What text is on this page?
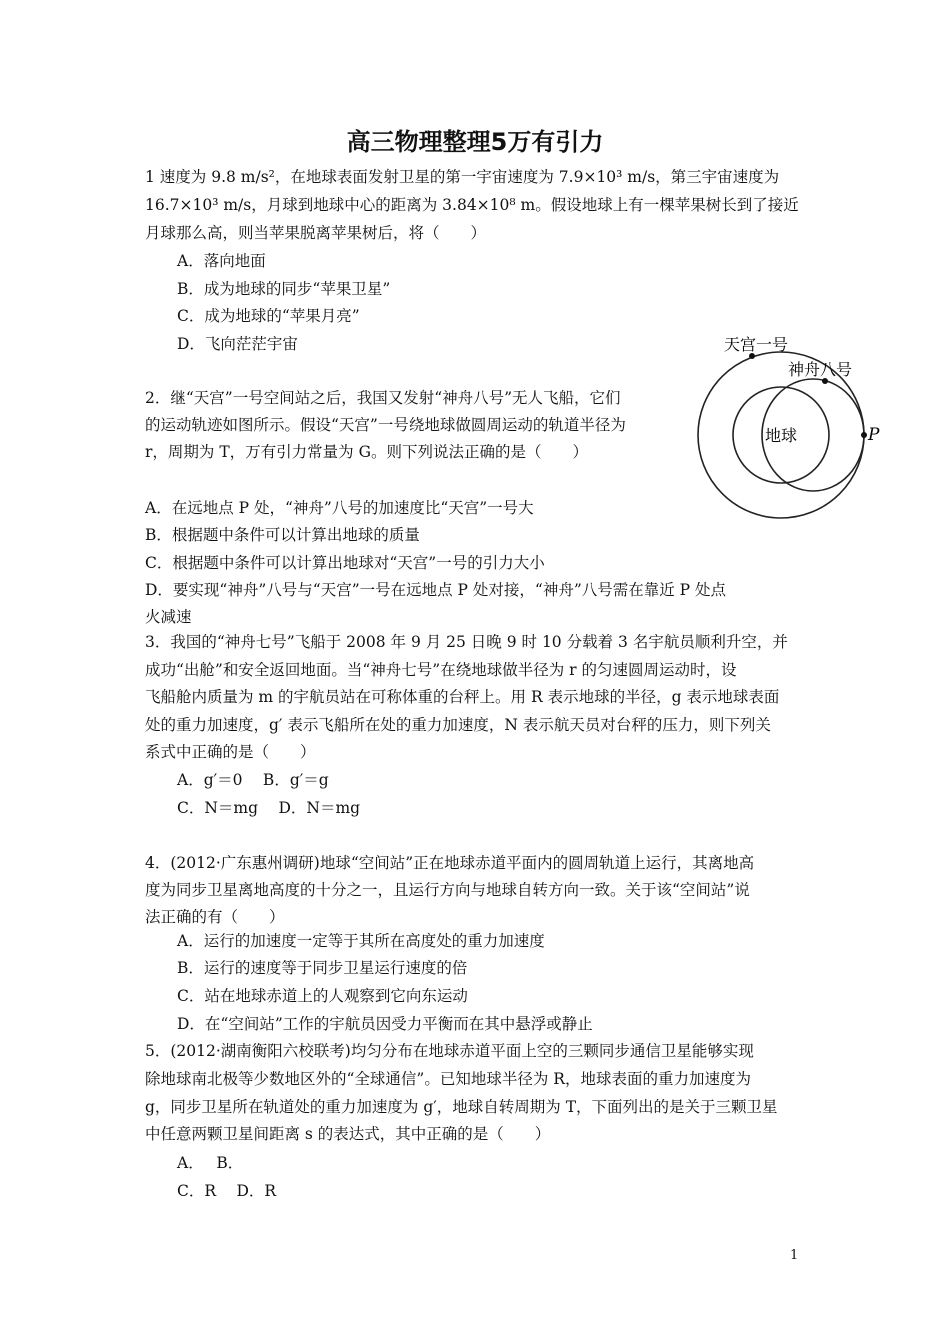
高三物理整理5万有引力
1 速度为 9.8 m/s²，在地球表面发射卫星的第一宇宙速度为 7.9×10³ m/s，第三宇宙速度为
16.7×10³ m/s，月球到地球中心的距离为 3.84×10⁸ m。假设地球上有一棵苹果树长到了接近
月球那么高，则当苹果脱离苹果树后，将（　　）
A．落向地面
B．成为地球的同步“苹果卫星”
C．成为地球的“苹果月亮”
D．飞向茫茫宇宙
2．继“天宫”一号空间站之后，我国又发射“神舟八号”无人飞船，它们
的运动轨迹如图所示。假设“天宫”一号绕地球做圆周运动的轨道半径为
r，周期为 T，万有引力常量为 G。则下列说法正确的是（　　）
A．在远地点 P 处，“神舟”八号的加速度比“天宫”一号大
B．根据题中条件可以计算出地球的质量
C．根据题中条件可以计算出地球对“天宫”一号的引力大小
D．要实现“神舟”八号与“天宫”一号在远地点 P 处对接，“神舟”八号需在靠近 P 处点
火减速
天宫一号
神舟八号
地球	P
3．我国的“神舟七号”飞船于 2008 年 9 月 25 日晚 9 时 10 分载着 3 名宇航员顺利升空，并
成功“出舱”和安全返回地面。当“神舟七号”在绕地球做半径为 r 的匀速圆周运动时，设
飞船舱内质量为 m 的宇航员站在可称体重的台秤上。用 R 表示地球的半径，g 表示地球表面
处的重力加速度，g′ 表示飞船所在处的重力加速度，N 表示航天员对台秤的压力，则下列关
系式中正确的是（　　）
A．g′＝0　 B．g′＝g
C．N＝mg　 D．N＝mg
4．(2012·广东惠州调研)地球“空间站”正在地球赤道平面内的圆周轨道上运行，其离地高
度为同步卫星离地高度的十分之一，且运行方向与地球自转方向一致。关于该“空间站”说
法正确的有（　　）
A．运行的加速度一定等于其所在高度处的重力加速度
B．运行的速度等于同步卫星运行速度的倍
C．站在地球赤道上的人观察到它向东运动
D．在“空间站”工作的宇航员因受力平衡而在其中悬浮或静止
5．(2012·湖南衡阳六校联考)均匀分布在地球赤道平面上空的三颗同步通信卫星能够实现
除地球南北极等少数地区外的“全球通信”。已知地球半径为 R，地球表面的重力加速度为
g，同步卫星所在轨道处的重力加速度为 g′，地球自转周期为 T，下面列出的是关于三颗卫星
中任意两颗卫星间距离 s 的表达式，其中正确的是（　　）
A．　 B．
C．R　 D．R
1
